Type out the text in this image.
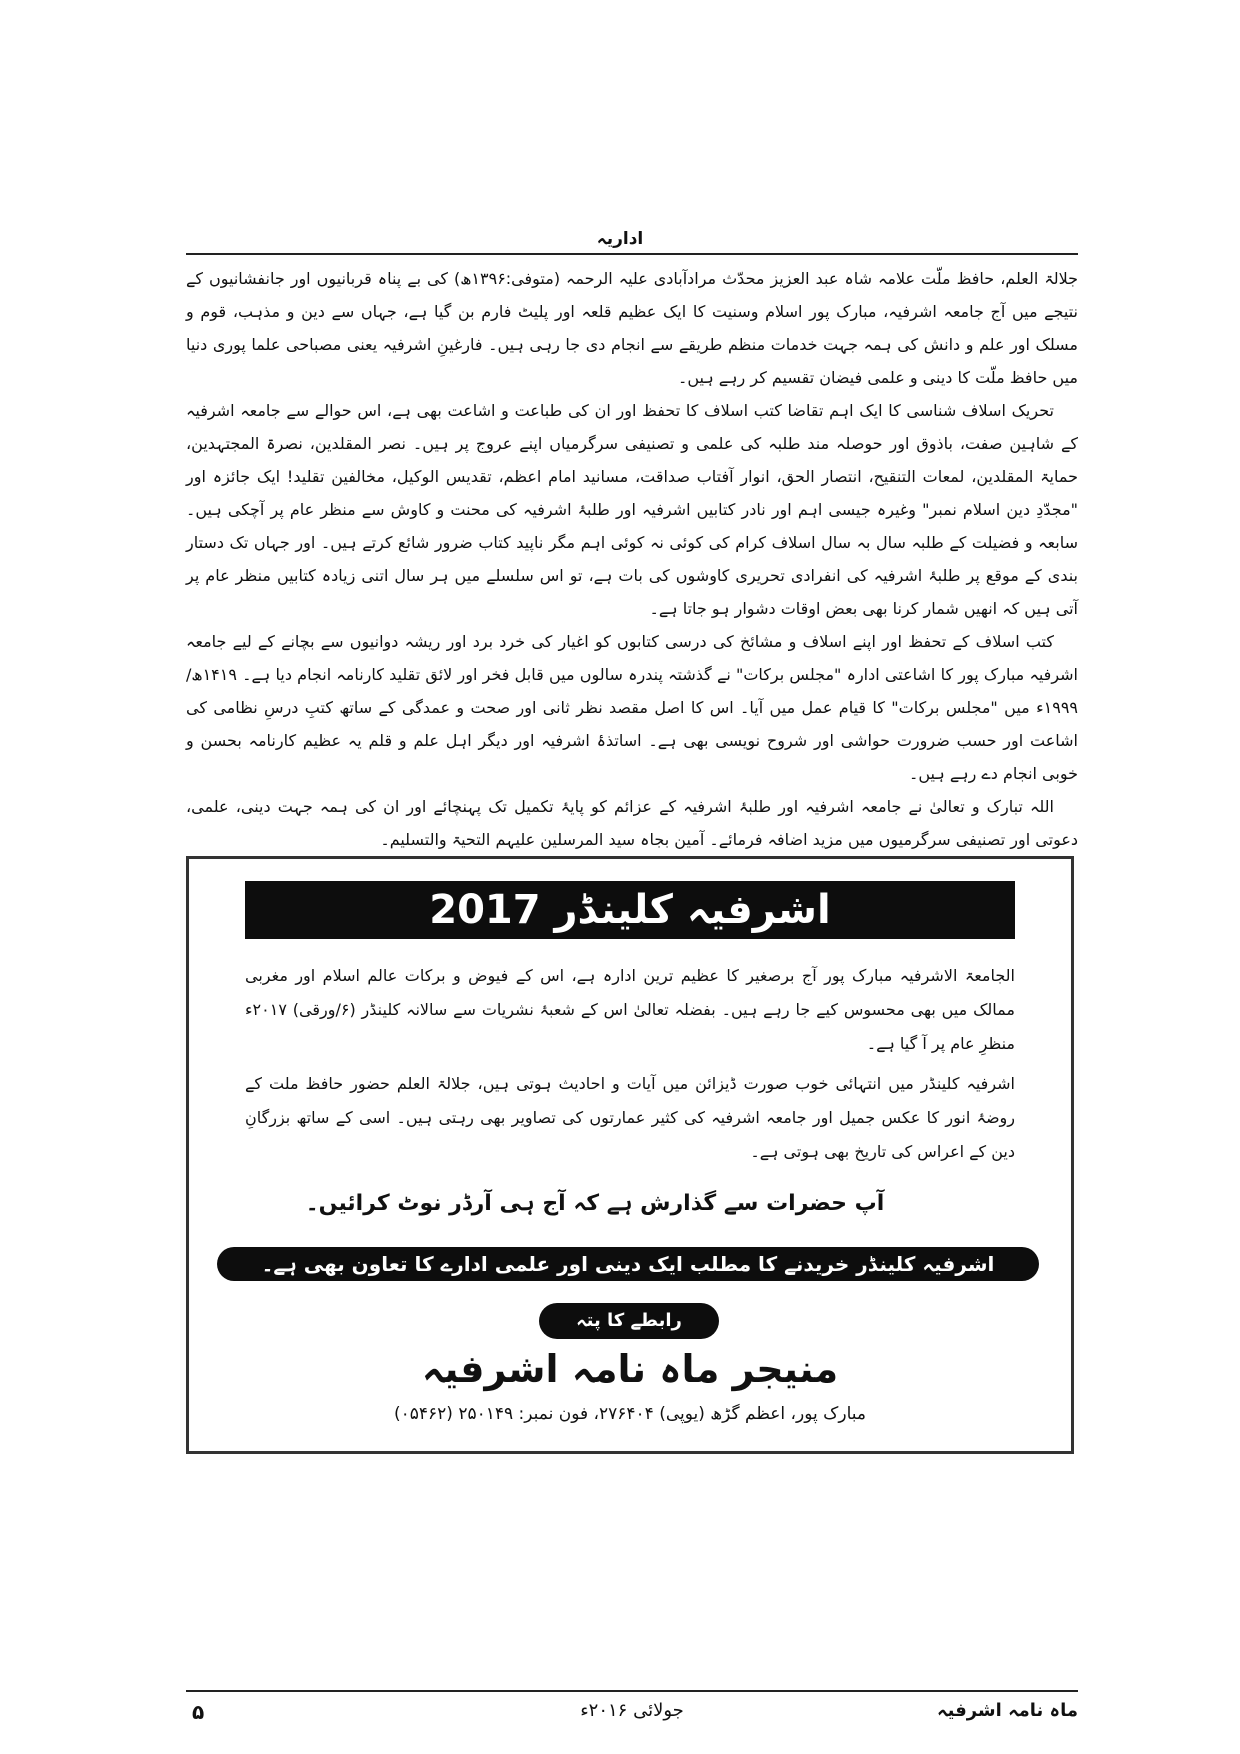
اداریہ

جلالۃ العلم، حافظ ملّت علامہ شاہ عبد العزیز محدّث مرادآبادی علیہ الرحمہ (متوفی:۱۳۹۶ھ) کی بے پناہ قربانیوں اور جانفشانیوں کے نتیجے میں آج جامعہ اشرفیہ، مبارک پور اسلام وسنیت کا ایک عظیم قلعہ اور پلیٹ فارم بن گیا ہے، جہاں سے دین و مذہب، قوم و مسلک اور علم و دانش کی ہمہ جہت خدمات منظم طریقے سے انجام دی جا رہی ہیں۔ فارغینِ اشرفیہ یعنی مصباحی علما پوری دنیا میں حافظ ملّت کا دینی و علمی فیضان تقسیم کر رہے ہیں۔

تحریک اسلاف شناسی کا ایک اہم تقاضا کتب اسلاف کا تحفظ اور ان کی طباعت و اشاعت بھی ہے، اس حوالے سے جامعہ اشرفیہ کے شاہین صفت، باذوق اور حوصلہ مند طلبہ کی علمی و تصنیفی سرگرمیاں اپنے عروج پر ہیں۔ نصر المقلدین، نصرۃ المجتہدین، حمایۃ المقلدین، لمعات التنقیح، انتصار الحق، انوار آفتاب صداقت، مسانید امام اعظم، تقدیس الوکیل، مخالفین تقلید! ایک جائزہ اور "مجدّدِ دین اسلام نمبر" وغیرہ جیسی اہم اور نادر کتابیں اشرفیہ اور طلبۂ اشرفیہ کی محنت و کاوش سے منظر عام پر آچکی ہیں۔ سابعہ و فضیلت کے طلبہ سال بہ سال اسلاف کرام کی کوئی نہ کوئی اہم مگر ناپید کتاب ضرور شائع کرتے ہیں۔ اور جہاں تک دستار بندی کے موقع پر طلبۂ اشرفیہ کی انفرادی تحریری کاوشوں کی بات ہے، تو اس سلسلے میں ہر سال اتنی زیادہ کتابیں منظر عام پر آتی ہیں کہ انھیں شمار کرنا بھی بعض اوقات دشوار ہو جاتا ہے۔

کتب اسلاف کے تحفظ اور اپنے اسلاف و مشائخ کی درسی کتابوں کو اغیار کی خرد برد اور ریشہ دوانیوں سے بچانے کے لیے جامعہ اشرفیہ مبارک پور کا اشاعتی ادارہ "مجلس برکات" نے گذشتہ پندرہ سالوں میں قابل فخر اور لائق تقلید کارنامہ انجام دیا ہے۔ ۱۴۱۹ھ/۱۹۹۹ء میں "مجلس برکات" کا قیام عمل میں آیا۔ اس کا اصل مقصد نظر ثانی اور صحت و عمدگی کے ساتھ کتبِ درسِ نظامی کی اشاعت اور حسب ضرورت حواشی اور شروح نویسی بھی ہے۔ اساتذۂ اشرفیہ اور دیگر اہل علم و قلم یہ عظیم کارنامہ بحسن و خوبی انجام دے رہے ہیں۔

اللہ تبارک و تعالیٰ نے جامعہ اشرفیہ اور طلبۂ اشرفیہ کے عزائم کو پایۂ تکمیل تک پہنچائے اور ان کی ہمہ جہت دینی، علمی، دعوتی اور تصنیفی سرگرمیوں میں مزید اضافہ فرمائے۔ آمین بجاہ سید المرسلین علیہم التحیۃ والتسلیم۔

اشرفیہ کلینڈر 2017

الجامعۃ الاشرفیہ مبارک پور آج برصغیر کا عظیم ترین ادارہ ہے، اس کے فیوض و برکات عالم اسلام اور مغربی ممالک میں بھی محسوس کیے جا رہے ہیں۔ بفضلہ تعالیٰ اس کے شعبۂ نشریات سے سالانہ کلینڈر (۶/ورقی) ۲۰۱۷ء منظرِ عام پر آ گیا ہے۔

اشرفیہ کلینڈر میں انتہائی خوب صورت ڈیزائن میں آیات و احادیث ہوتی ہیں، جلالۃ العلم حضور حافظ ملت کے روضۂ انور کا عکس جمیل اور جامعہ اشرفیہ کی کثیر عمارتوں کی تصاویر بھی رہتی ہیں۔ اسی کے ساتھ بزرگانِ دین کے اعراس کی تاریخ بھی ہوتی ہے۔

آپ حضرات سے گذارش ہے کہ آج ہی آرڈر نوٹ کرائیں۔
اشرفیہ کلینڈر خریدنے کا مطلب ایک دینی اور علمی ادارے کا تعاون بھی ہے۔
رابطے کا پتہ
منیجر ماہ نامہ اشرفیہ
مبارک پور، اعظم گڑھ (یوپی) ۲۷۶۴۰۴، فون نمبر: ۲۵۰۱۴۹ (۰۵۴۶۲)
ماہ نامہ اشرفیہ
جولائی ۲۰۱۶ء
۵
